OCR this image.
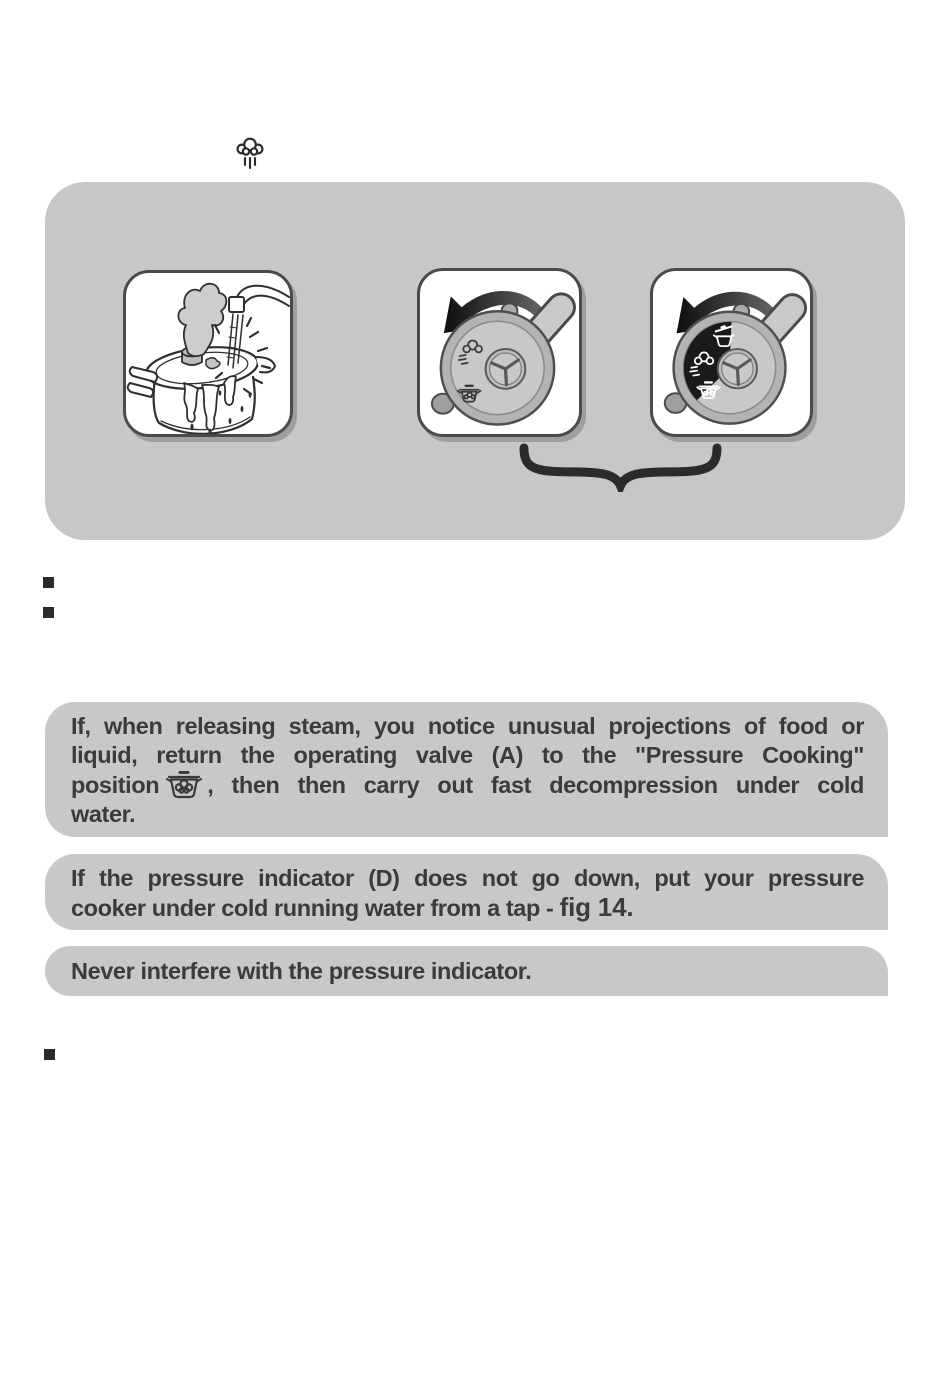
If, when releasing steam, you notice unusual projections of food or
liquid, return the operating valve (A) to the "Pressure Cooking"
position , then then carry out fast decompression under cold
water.
If the pressure indicator (D) does not go down, put your pressure
cooker under cold running water from a tap - fig 14.
Never interfere with the pressure indicator.
